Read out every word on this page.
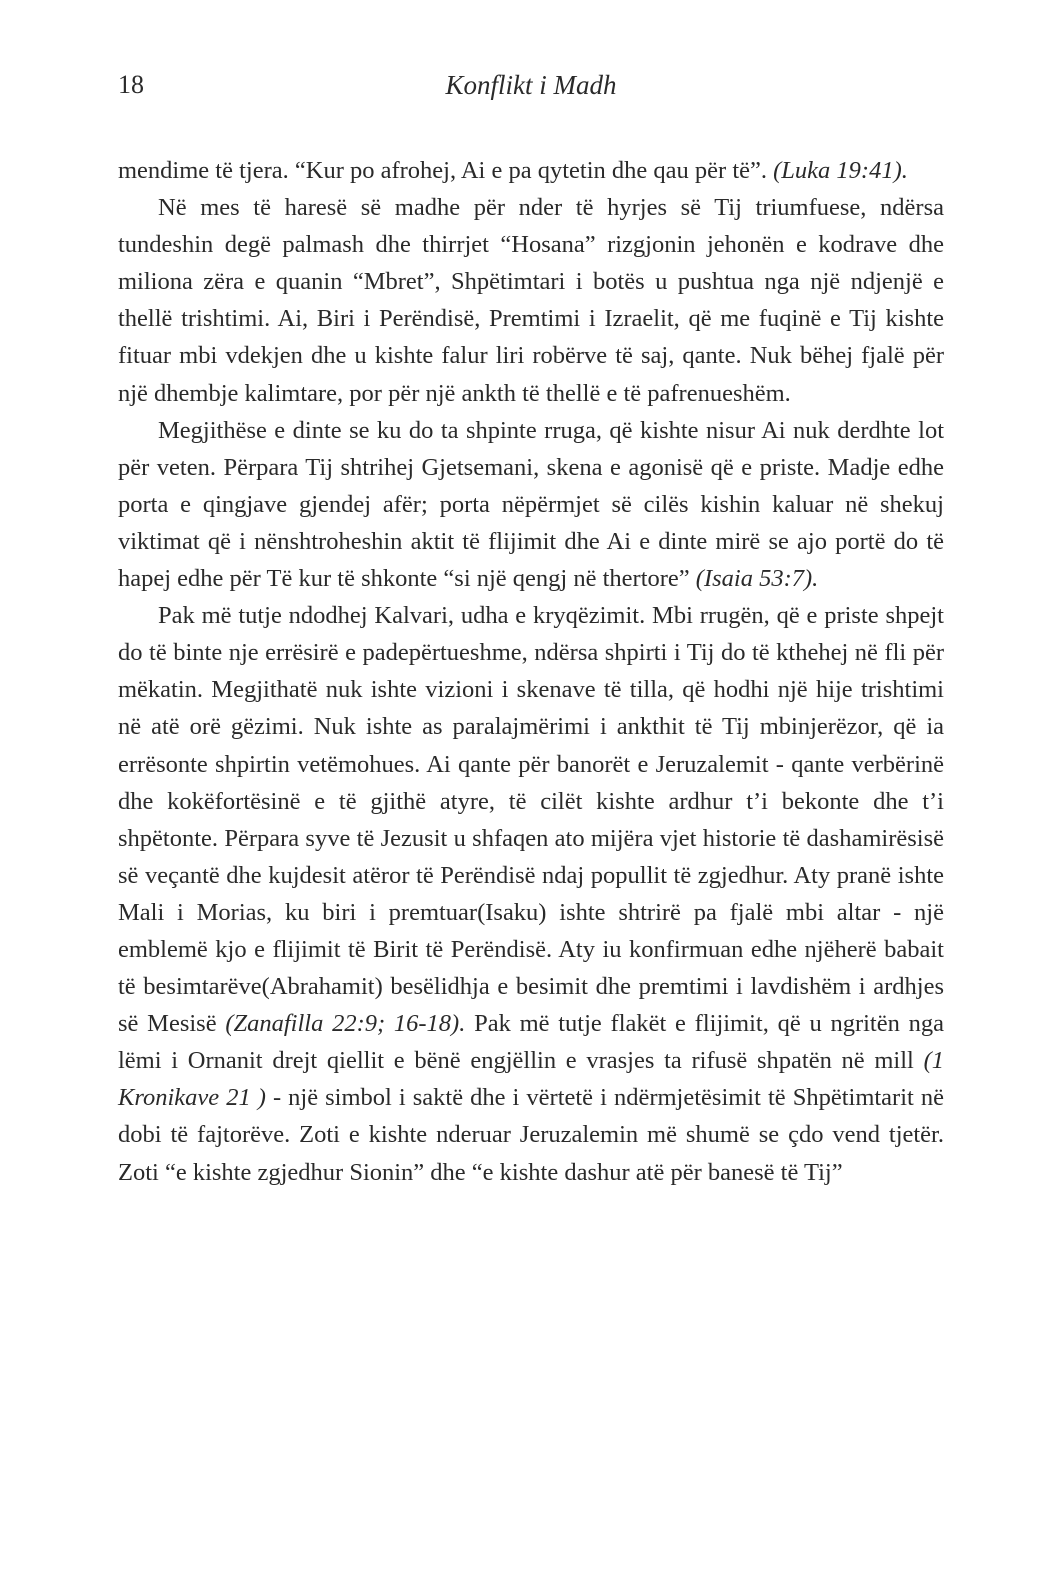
18	Konflikt i Madh

mendime të tjera. “Kur po afrohej, Ai e pa qytetin dhe qau për të”. (Luka 19:41).

Në mes të haresë së madhe për nder të hyrjes së Tij triumfuese, ndërsa tundeshin degë palmash dhe thirrjet “Hosana” rizgjonin jehonën e kodrave dhe miliona zëra e quanin “Mbret”, Shpëtimtari i botës u pushtua nga një ndjenjë e thellë trishtimi. Ai, Biri i Perëndisë, Premtimi i Izraelit, që me fuqinë e Tij kishte fituar mbi vdekjen dhe u kishte falur liri robërve të saj, qante. Nuk bëhej fjalë për një dhembje kalimtare, por për një ankth të thellë e të pafrenueshëm.

Megjithëse e dinte se ku do ta shpinte rruga, që kishte nisur Ai nuk derdhte lot për veten. Përpara Tij shtrihej Gjetsemani, skena e agonisë që e priste. Madje edhe porta e qingjave gjendej afër; porta nëpërmjet së cilës kishin kaluar në shekuj viktimat që i nënshtroheshin aktit të flijimit dhe Ai e dinte mirë se ajo portë do të hapej edhe për Të kur të shkonte “si një qengj në thertore” (Isaia 53:7).

Pak më tutje ndodhej Kalvari, udha e kryqëzimit. Mbi rrugën, që e priste shpejt do të binte nje errësirë e padepërtueshme, ndërsa shpirti i Tij do të kthehej në fli për mëkatin. Megjithatë nuk ishte vizioni i skenave të tilla, që hodhi një hije trishtimi në atë orë gëzimi. Nuk ishte as paralajmërimi i ankthit të Tij mbinjerëzor, që ia errësonte shpirtin vetëmohues. Ai qante për banorët e Jeruzalemit - qante verbërinë dhe kokëfortësinë e të gjithë atyre, të cilët kishte ardhur t’i bekonte dhe t’i shpëtonte. Përpara syve të Jezusit u shfaqen ato mijëra vjet historie të dashamirësisë së veçantë dhe kujdesit atëror të Perëndisë ndaj popullit të zgjedhur. Aty pranë ishte Mali i Morias, ku biri i premtuar(Isaku) ishte shtrirë pa fjalë mbi altar - një emblemë kjo e flijimit të Birit të Perëndisë. Aty iu konfirmuan edhe njëherë babait të besimtarëve(Abrahamit) besëlidhja e besimit dhe premtimi i lavdishëm i ardhjes së Mesisë (Zanafilla 22:9; 16-18). Pak më tutje flakët e flijimit, që u ngritën nga lëmi i Ornanit drejt qiellit e bënë engjëllin e vrasjes ta rifusë shpatën në mill (1 Kronikave 21 ) - një simbol i saktë dhe i vërtetë i ndërmjetësimit të Shpëtimtarit në dobi të fajtorëve. Zoti e kishte nderuar Jeruzalemin më shumë se çdo vend tjetër. Zoti “e kishte zgjedhur Sionin” dhe “e kishte dashur atë për banesë të Tij”
